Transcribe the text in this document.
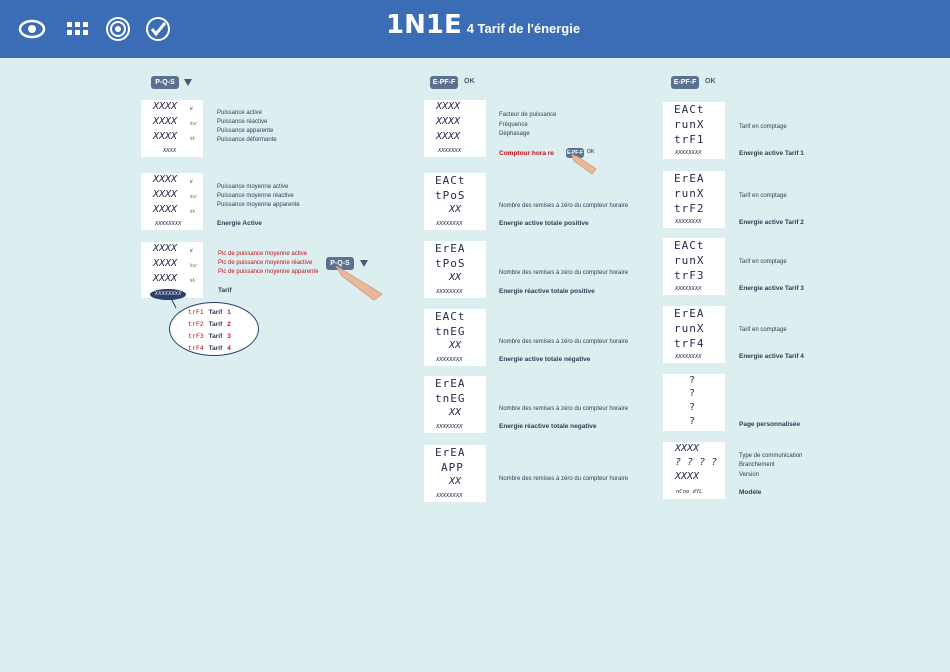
1N1E 4 Tarif de l'énergie
P-Q-S
XXXX
XXXX
XXXX
XXXX
W
Var
VA
Puissance active
Puissance réactive
Puissance apparente
Puissance déformante
XXXX
XXXX
XXXX
XXXXXXXX
W
Var
VA
Puissance moyenne active
Puissance moyenne réactive
Puissance moyenne apparente
Energie Active
XXXX
XXXX
XXXX
W
Var
VA
XXXXXXXX
Pic de puissance moyenne active
Pic de puissance moyenne réactive
Pic de puissance moyenne apparente
Tarif
P-Q-S
trF1 Tarif 1
trF2 Tarif 2
trF3 Tarif 3
trF4 Tarif 4
E-PF-F	OK
XXXX
XXXX
XXXX
XXXXXXX
Facteur de puissance
Fréquence
Déphasage
Comptour hora re	E-PF-F OK
EACt
tPoS
XX
XXXXXXXX
Nombre des remises à zéro du compteur horaire
Energie active totale positive
ErEA
tPoS
XX
XXXXXXXX
Nombre des remises à zéro du compteur horaire
Energie réactive totale positive
EACt
tnEG
XX
XXXXXXXX
Nombre des remises à zéro du compteur horaire
Energie active totale négative
ErEA
tnEG
XX
XXXXXXXX
Nombre des remises à zéro du compteur horaire
Energie réactive totale negative
ErEA
APP
XX
XXXXXXXX
Nombre des remises à zéro du compteur horaire
E-PF-F	OK
EACt
runX
trF1
XXXXXXXX
Tarif en comptage
Energie active Tarif 1
ErEA
runX
trF2
XXXXXXXX
Tarif en comptage
Energie active Tarif 2
EACt
runX
trF3
XXXXXXXX
Tarif en comptage
Energie active Tarif 3
ErEA
runX
trF4
XXXXXXXX
Tarif en comptage
Energie active Tarif 4
?
?
?
?	Page personnalisée
XXXX
? ? ? ?
XXXX
nCno dYL
Type de communication
Branchement
Version
Modèle
